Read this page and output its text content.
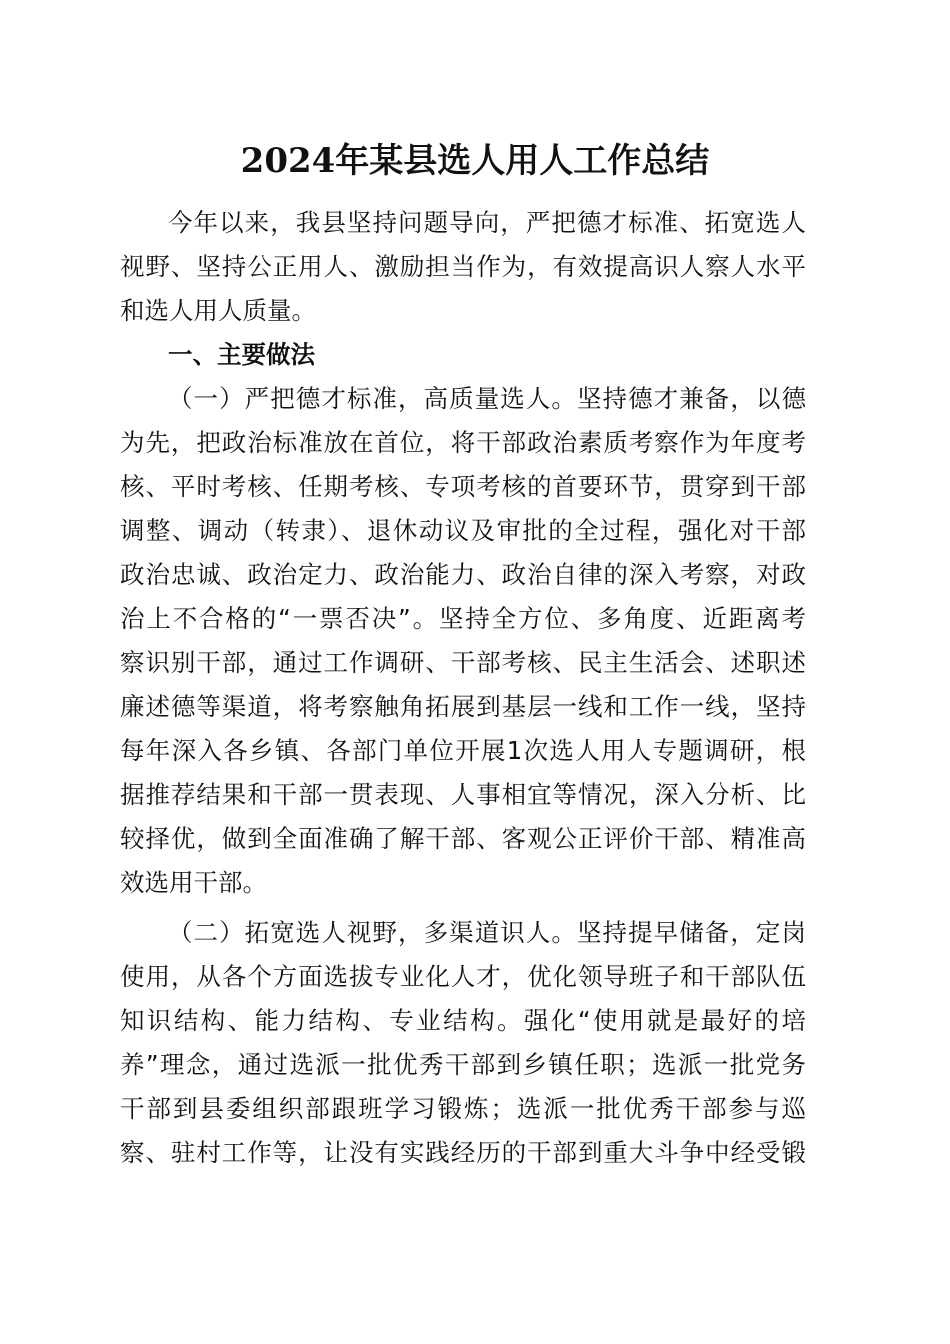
2024年某县选人用人工作总结
今年以来，我县坚持问题导向，严把德才标准、拓宽选人
视野、坚持公正用人、激励担当作为，有效提高识人察人水平
和选人用人质量。
一、主要做法
（一）严把德才标准，高质量选人。坚持德才兼备，以德
为先，把政治标准放在首位，将干部政治素质考察作为年度考
核、平时考核、任期考核、专项考核的首要环节，贯穿到干部
调整、调动（转隶）、退休动议及审批的全过程，强化对干部
政治忠诚、政治定力、政治能力、政治自律的深入考察，对政
治上不合格的“一票否决”。坚持全方位、多角度、近距离考
察识别干部，通过工作调研、干部考核、民主生活会、述职述
廉述德等渠道，将考察触角拓展到基层一线和工作一线，坚持
每年深入各乡镇、各部门单位开展1次选人用人专题调研，根
据推荐结果和干部一贯表现、人事相宜等情况，深入分析、比
较择优，做到全面准确了解干部、客观公正评价干部、精准高
效选用干部。
（二）拓宽选人视野，多渠道识人。坚持提早储备，定岗
使用，从各个方面选拔专业化人才，优化领导班子和干部队伍
知识结构、能力结构、专业结构。强化“使用就是最好的培
养”理念，通过选派一批优秀干部到乡镇任职；选派一批党务
干部到县委组织部跟班学习锻炼；选派一批优秀干部参与巡
察、驻村工作等，让没有实践经历的干部到重大斗争中经受锻
